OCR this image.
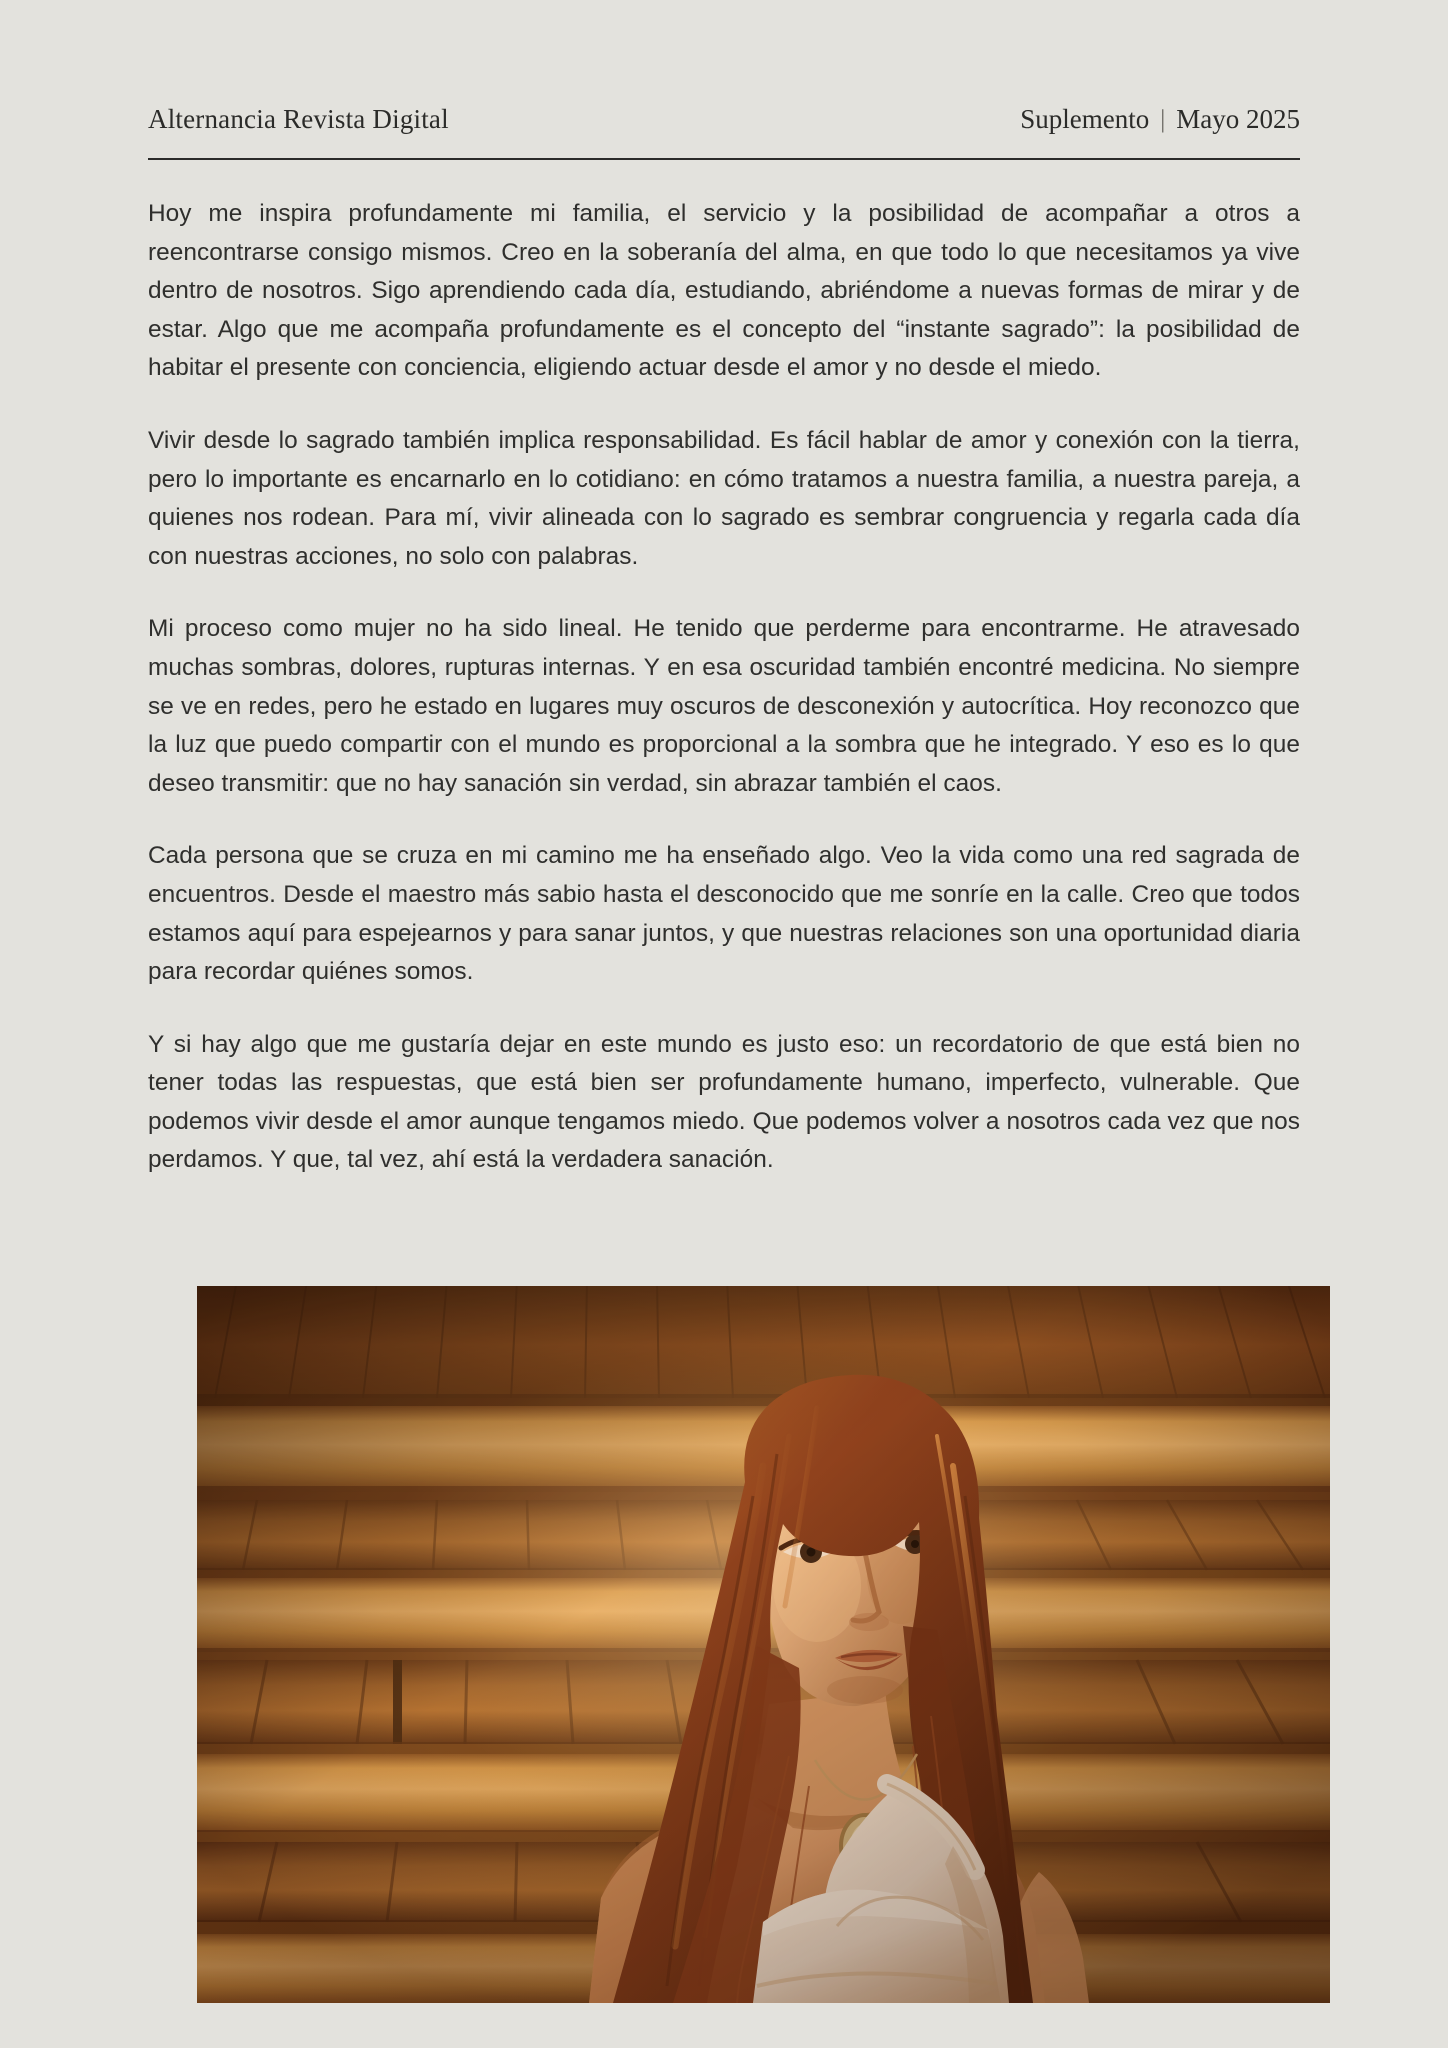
Alternancia Revista Digital	Suplemento | Mayo 2025

Hoy me inspira profundamente mi familia, el servicio y la posibilidad de acompañar a otros a reencontrarse consigo mismos. Creo en la soberanía del alma, en que todo lo que necesitamos ya vive dentro de nosotros. Sigo aprendiendo cada día, estudiando, abriéndome a nuevas formas de mirar y de estar. Algo que me acompaña profundamente es el concepto del “instante sagrado”: la posibilidad de habitar el presente con conciencia, eligiendo actuar desde el amor y no desde el miedo.

Vivir desde lo sagrado también implica responsabilidad. Es fácil hablar de amor y conexión con la tierra, pero lo importante es encarnarlo en lo cotidiano: en cómo tratamos a nuestra familia, a nuestra pareja, a quienes nos rodean. Para mí, vivir alineada con lo sagrado es sembrar congruencia y regarla cada día con nuestras acciones, no solo con palabras.

Mi proceso como mujer no ha sido lineal. He tenido que perderme para encontrarme. He atravesado muchas sombras, dolores, rupturas internas. Y en esa oscuridad también encontré medicina. No siempre se ve en redes, pero he estado en lugares muy oscuros de desconexión y autocrítica. Hoy reconozco que la luz que puedo compartir con el mundo es proporcional a la sombra que he integrado. Y eso es lo que deseo transmitir: que no hay sanación sin verdad, sin abrazar también el caos.

Cada persona que se cruza en mi camino me ha enseñado algo. Veo la vida como una red sagrada de encuentros. Desde el maestro más sabio hasta el desconocido que me sonríe en la calle. Creo que todos estamos aquí para espejearnos y para sanar juntos, y que nuestras relaciones son una oportunidad diaria para recordar quiénes somos.

Y si hay algo que me gustaría dejar en este mundo es justo eso: un recordatorio de que está bien no tener todas las respuestas, que está bien ser profundamente humano, imperfecto, vulnerable. Que podemos vivir desde el amor aunque tengamos miedo. Que podemos volver a nosotros cada vez que nos perdamos. Y que, tal vez, ahí está la verdadera sanación.
